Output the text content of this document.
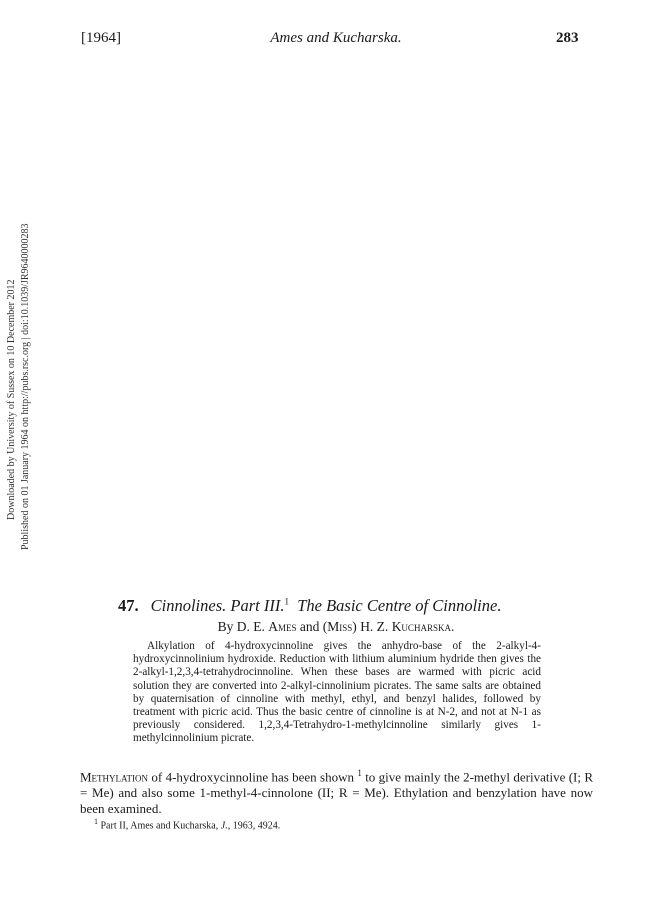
[1964]	Ames and Kucharska.	283
Downloaded by University of Sussex on 10 December 2012 Published on 01 January 1964 on http://pubs.rsc.org | doi:10.1039/JR9640000283
47. Cinnolines. Part III.$^1$ The Basic Centre of Cinnoline.
By D. E. Ames and (Miss) H. Z. Kucharska.
Alkylation of 4-hydroxycinnoline gives the anhydro-base of the 2-alkyl-4-hydroxycinnolinium hydroxide. Reduction with lithium aluminium hydride then gives the 2-alkyl-1,2,3,4-tetrahydrocinnoline. When these bases are warmed with picric acid solution they are converted into 2-alkyl-cinnolinium picrates. The same salts are obtained by quaternisation of cinnoline with methyl, ethyl, and benzyl halides, followed by treatment with picric acid. Thus the basic centre of cinnoline is at N-2, and not at N-1 as previously considered. 1,2,3,4-Tetrahydro-1-methylcinnoline similarly gives 1-methylcinnolinium picrate.
Methylation of 4-hydroxycinnoline has been shown $^1$ to give mainly the 2-methyl derivative (I; R = Me) and also some 1-methyl-4-cinnolone (II; R = Me). Ethylation and benzylation have now been examined.
$^1$ Part II, Ames and Kucharska, J., 1963, 4924.
